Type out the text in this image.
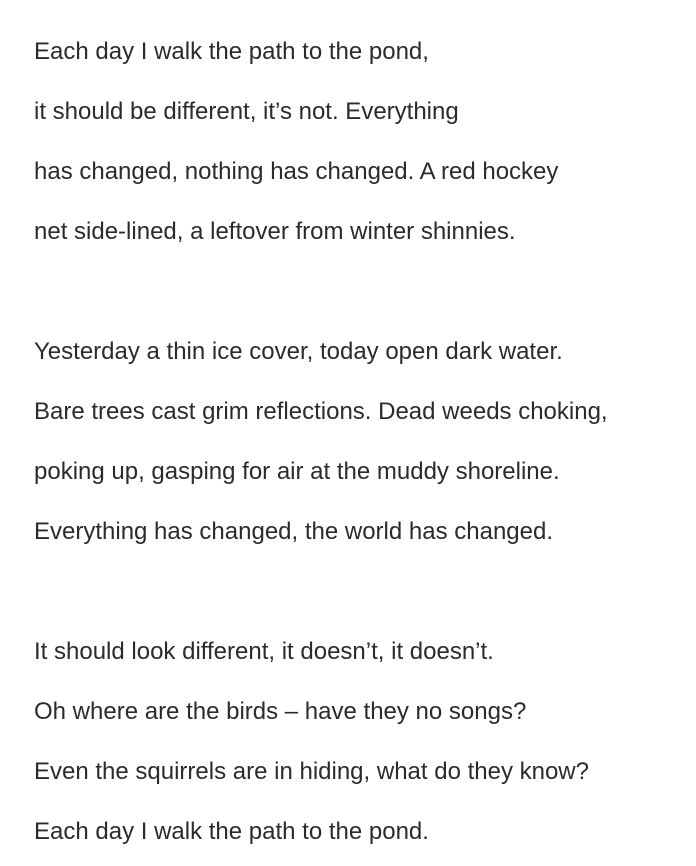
Each day I walk the path to the pond,
it should be different, it’s not. Everything
has changed, nothing has changed. A red hockey
net side-lined, a leftover from winter shinnies.
Yesterday a thin ice cover, today open dark water.
Bare trees cast grim reflections. Dead weeds choking,
poking up, gasping for air at the muddy shoreline.
Everything has changed, the world has changed.
It should look different, it doesn’t, it doesn’t.
Oh where are the birds – have they no songs?
Even the squirrels are in hiding, what do they know?
Each day I walk the path to the pond.
